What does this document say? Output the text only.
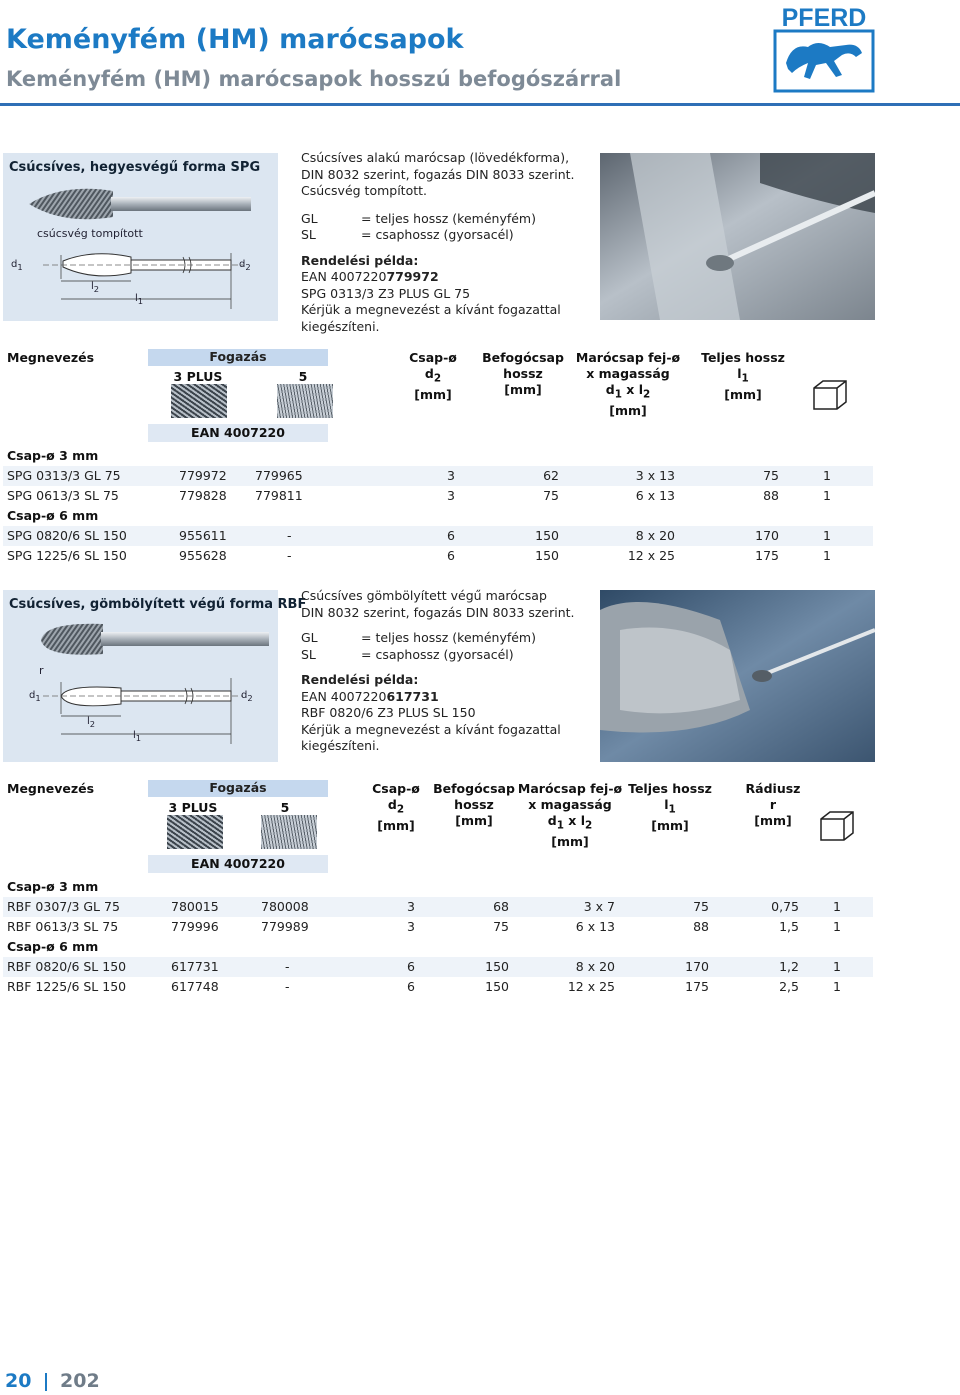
Keményfém (HM) marócsapok
Keményfém (HM) marócsapok hosszú befogószárral
PFERD
Csúcsíves, hegyesvégű forma SPG
csúcsvég tompított
$d_1$	$d_2$
$l_2$
$l_1$
Csúcsíves alakú marócsap (lövedékforma),
DIN 8032 szerint, fogazás DIN 8033 szerint.
Csúcsvég tompított.
GL	= teljes hossz (keményfém)
SL	= csaphossz (gyorsacél)
Rendelési példa:
EAN 4007220779972
SPG 0313/3 Z3 PLUS GL 75
Kérjük a megnevezést a kívánt fogazattal
kiegészíteni.
Megnevezés	Fogazás
3 PLUS	5
Csap-ø
$d_2$
[mm]
Befogócsap
hossz
[mm]
Marócsap fej-ø
x magasság
$d_1$ x $l_2$
[mm]
Teljes hossz
$l_1$
[mm]
EAN 4007220
Csap-ø 3 mm
SPG 0313/3 GL 75	779972 779965	3	62	3 x 13	75	1
SPG 0613/3 SL 75	779828 779811	3	75	6 x 13	88	1
Csap-ø 6 mm
SPG 0820/6 SL 150	955611	-	6	150	8 x 20	170	1
SPG 1225/6 SL 150	955628	-	6	150	12 x 25	175	1
Csúcsíves, gömbölyített végű forma RBF
r
$d_1$	$d_2$
$l_2$
$l_1$
Csúcsíves gömbölyített végű marócsap
DIN 8032 szerint, fogazás DIN 8033 szerint.
GL	= teljes hossz (keményfém)
SL	= csaphossz (gyorsacél)
Rendelési példa:
EAN 4007220617731
RBF 0820/6 Z3 PLUS SL 150
Kérjük a megnevezést a kívánt fogazattal
kiegészíteni.
Megnevezés	Fogazás
3 PLUS	5
Csap-ø
$d_2$
[mm]
Befogócsap
hossz
[mm]
Marócsap fej-ø
x magasság
$d_1$ x $l_2$
[mm]
Teljes hossz
$l_1$
[mm]
Rádiusz
r
[mm]
EAN 4007220
Csap-ø 3 mm
RBF 0307/3 GL 75	780015	780008	3	68	3 x 7	75	0,75	1
RBF 0613/3 SL 75	779996	779989	3	75	6 x 13	88	1,5	1
Csap-ø 6 mm
RBF 0820/6 SL 150	617731	-	6	150	8 x 20	170	1,2	1
RBF 1225/6 SL 150	617748	-	6	150	12 x 25	175	2,5	1
20 202
